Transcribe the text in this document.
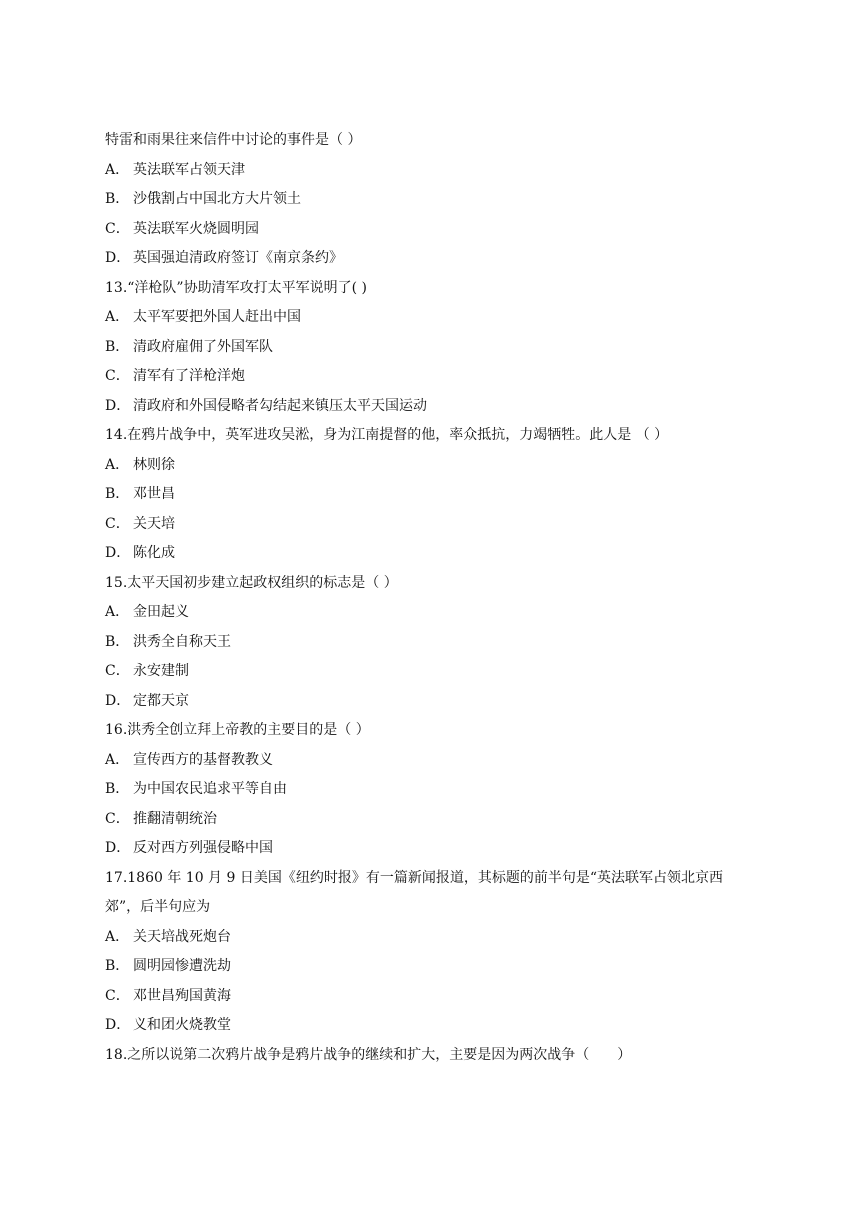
特雷和雨果往来信件中讨论的事件是（ ）
A． 英法联军占领天津
B． 沙俄割占中国北方大片领土
C． 英法联军火烧圆明园
D． 英国强迫清政府签订《南京条约》
13.“洋枪队”协助清军攻打太平军说明了( )
A． 太平军要把外国人赶出中国
B． 清政府雇佣了外国军队
C． 清军有了洋枪洋炮
D． 清政府和外国侵略者勾结起来镇压太平天国运动
14.在鸦片战争中，英军进攻吴淞，身为江南提督的他，率众抵抗，力竭牺牲。此人是 （ ）
A． 林则徐
B． 邓世昌
C． 关天培
D． 陈化成
15.太平天国初步建立起政权组织的标志是（ ）
A． 金田起义
B． 洪秀全自称天王
C． 永安建制
D． 定都天京
16.洪秀全创立拜上帝教的主要目的是（ ）
A． 宣传西方的基督教教义
B． 为中国农民追求平等自由
C． 推翻清朝统治
D． 反对西方列强侵略中国
17.1860 年 10 月 9 日美国《纽约时报》有一篇新闻报道，其标题的前半句是“英法联军占领北京西
郊”，后半句应为
A． 关天培战死炮台
B． 圆明园惨遭洗劫
C． 邓世昌殉国黄海
D． 义和团火烧教堂
18.之所以说第二次鸦片战争是鸦片战争的继续和扩大，主要是因为两次战争（　　）
